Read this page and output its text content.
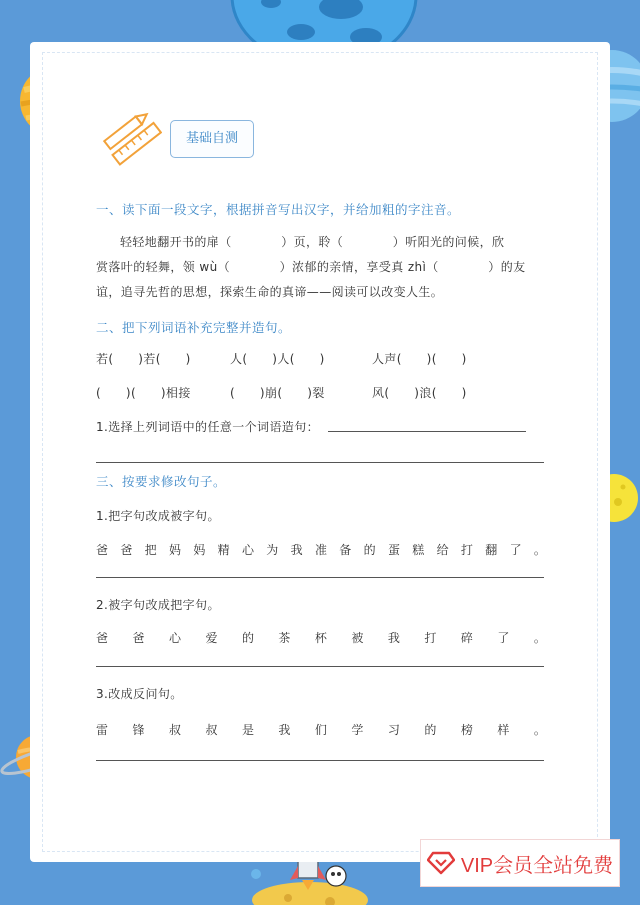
基础自测
一、读下面一段文字，根据拼音写出汉字，并给加粗的字注音。
轻轻地翻开书的扉（　　　　）页，聆（　　　　）听阳光的问候，欣
赏落叶的轻舞，领 wù（　　　　）浓郁的亲情，享受真 zhì（　　　　）的友
谊，追寻先哲的思想，探索生命的真谛——阅读可以改变人生。
二、把下列词语补充完整并造句。
若(　　)若(　　)	人(　　)人(　　)	人声(　　)(　　)
(　　)(　　)相接	(　　)崩(　　)裂	风(　　)浪(　　)
1.选择上列词语中的任意一个词语造句：
三、按要求修改句子。
1.把字句改成被字句。
爸 爸 把 妈 妈 精 心 为 我 准 备 的 蛋 糕 给 打 翻 了 。
2.被字句改成把字句。
爸 爸 心 爱 的 茶 杯 被 我 打 碎 了 。
3.改成反问句。
雷 锋 叔 叔 是 我 们 学 习 的 榜 样 。
VIP会员全站免费
